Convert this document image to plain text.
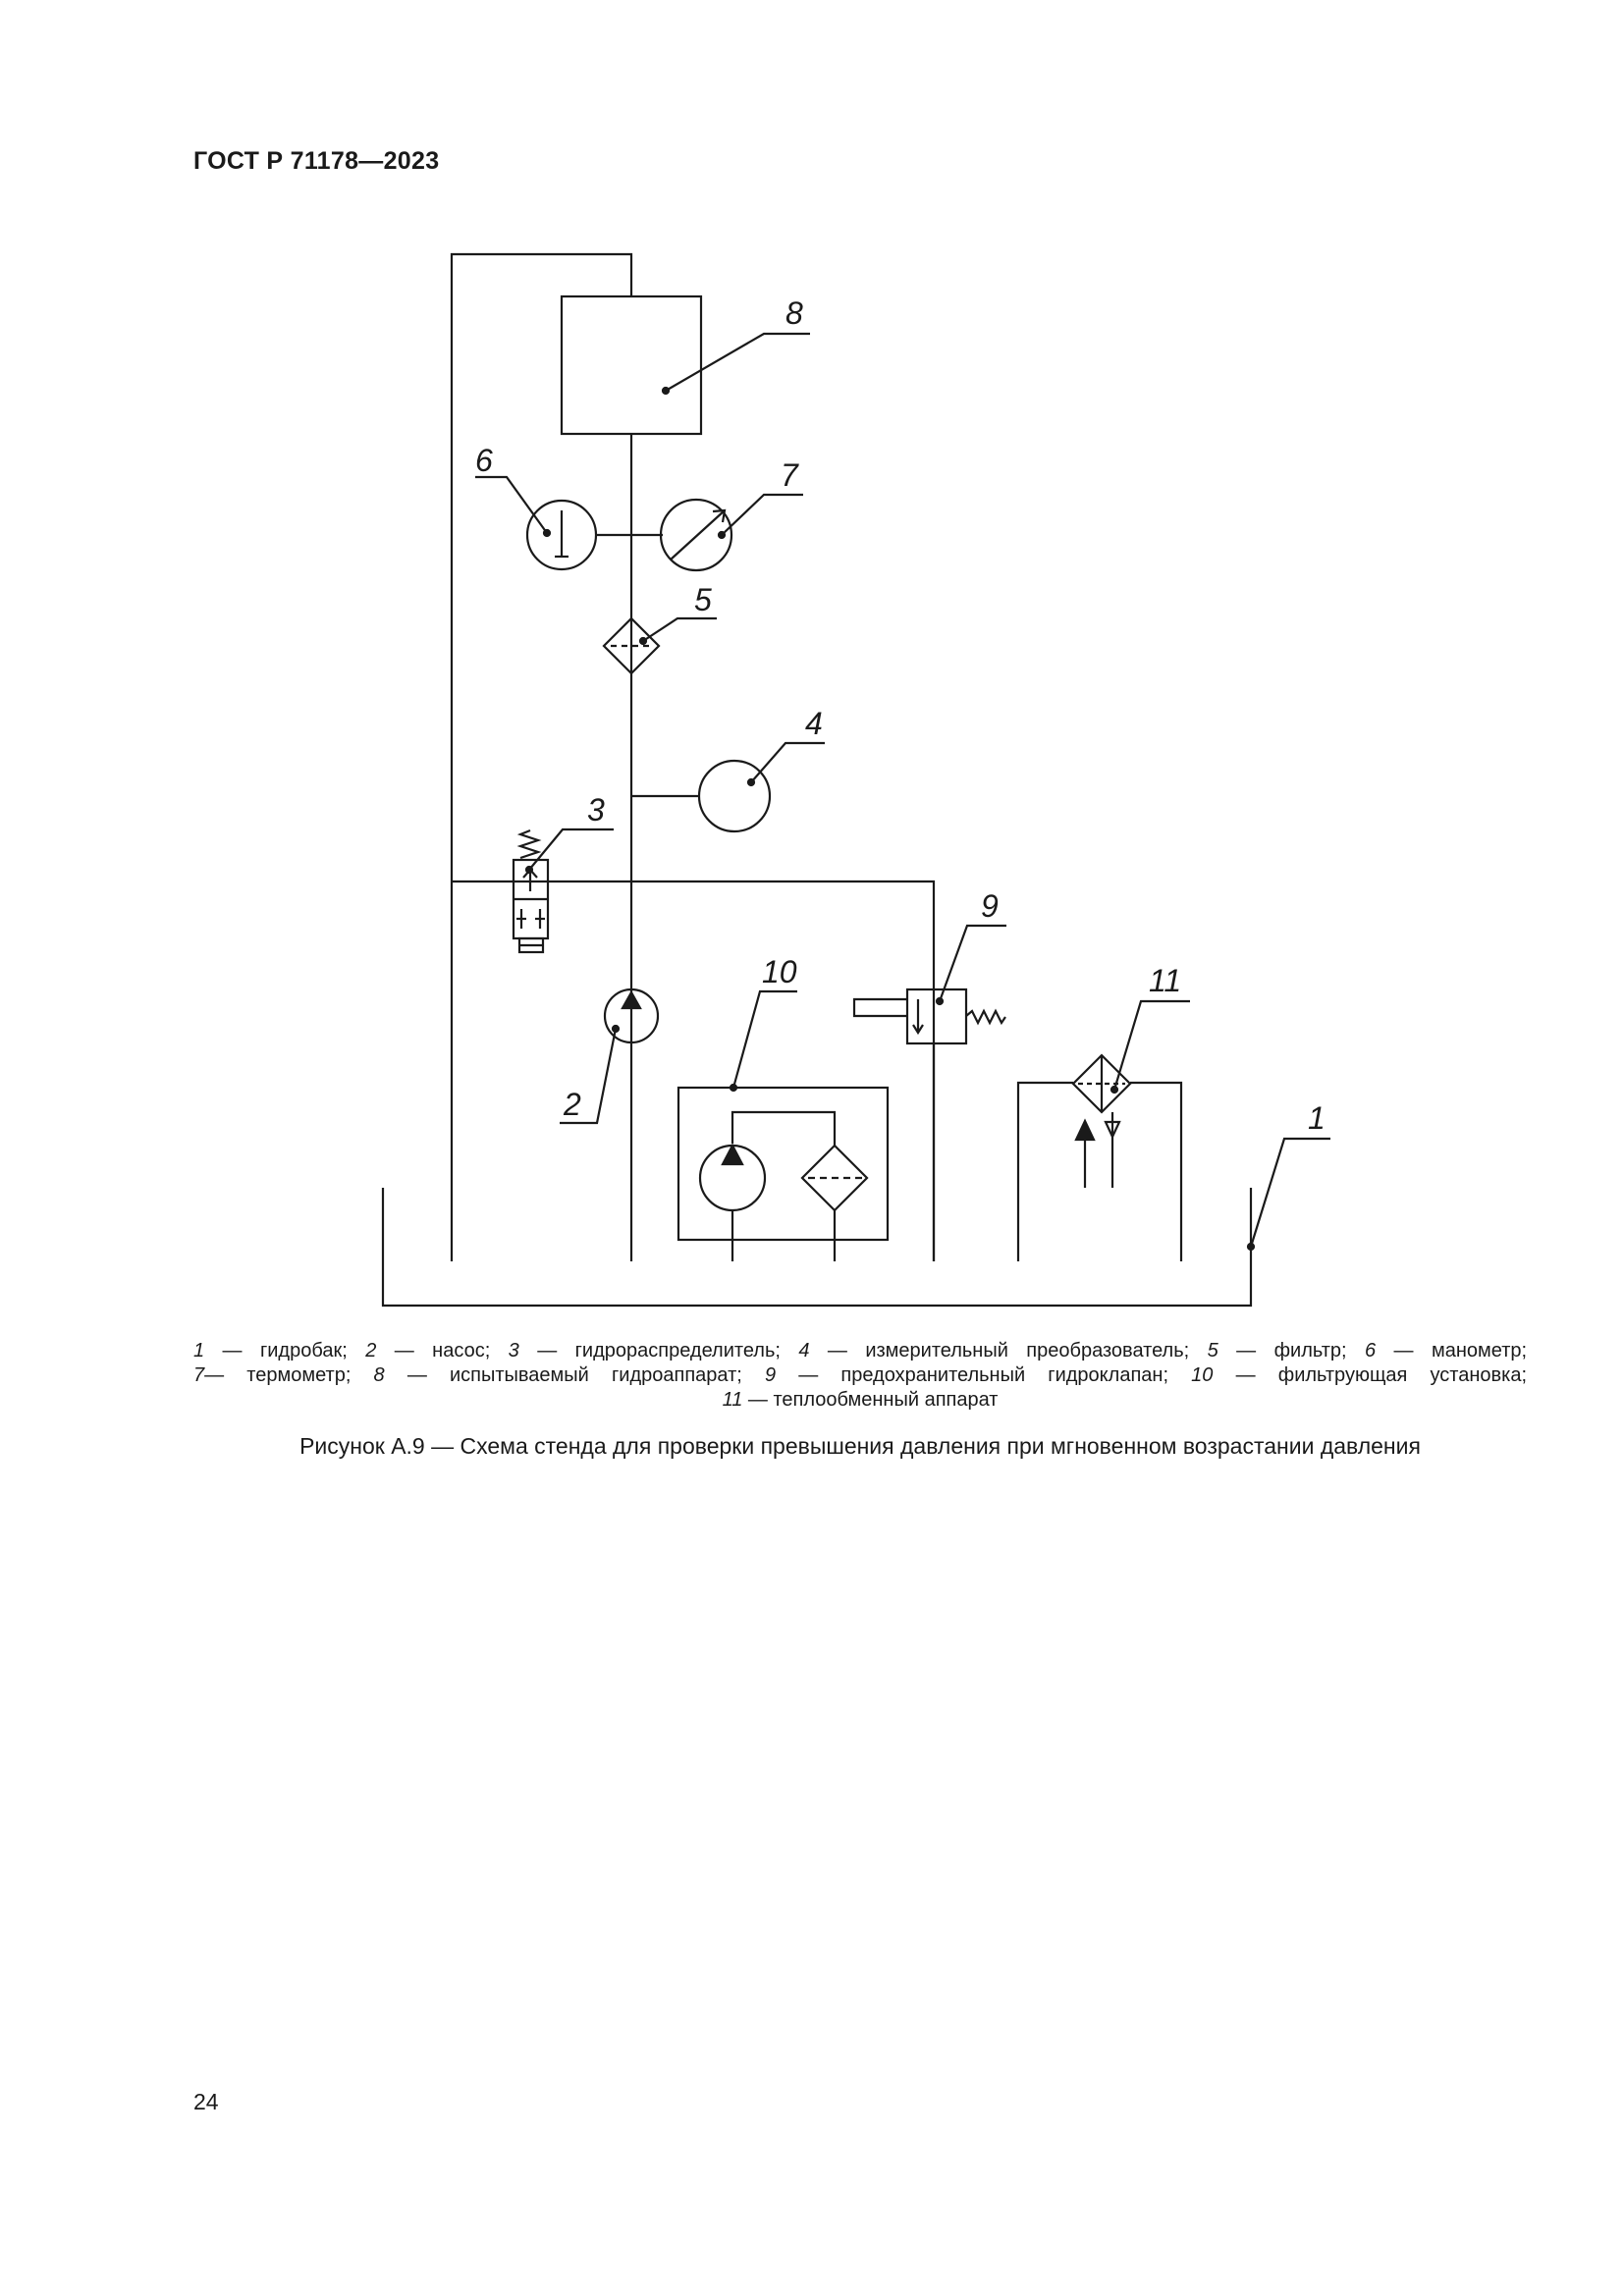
ГОСТ Р 71178—2023
8
6	7
5
4
3
2
9
10	11
1
1 — гидробак; 2 — насос; 3 — гидрораспределитель; 4 — измерительный преобразователь; 5 — фильтр; 6 — манометр;
7— термометр; 8 — испытываемый гидроаппарат; 9 — предохранительный гидроклапан; 10 — фильтрующая установка;
11 — теплообменный аппарат
Рисунок А.9 — Схема стенда для проверки превышения давления при мгновенном возрастании давления
24
